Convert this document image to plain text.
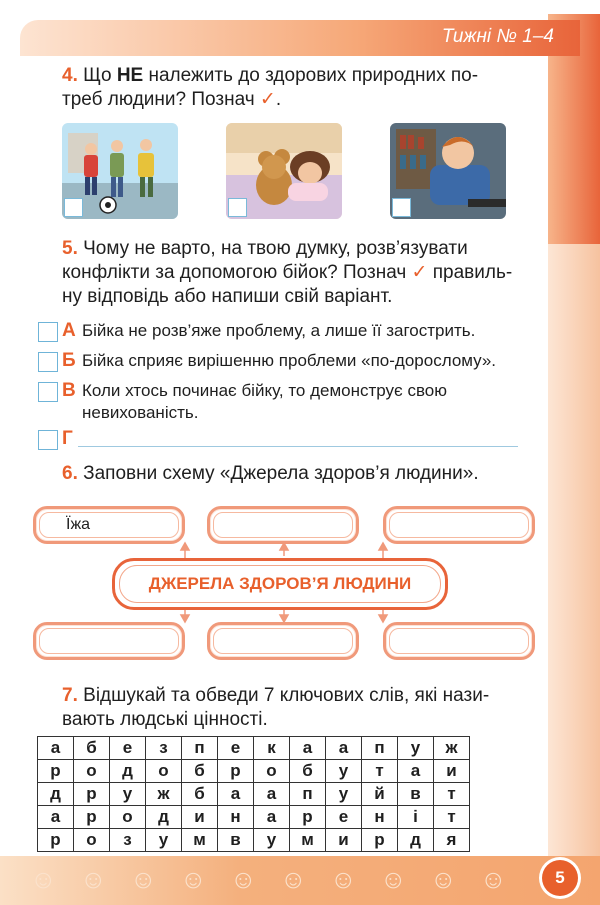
Тижні № 1–4
4. Що НЕ належить до здорових природних по-
треб людини? Познач ✓.
5. Чому не варто, на твою думку, розв’язувати
конфлікти за допомогою бійок? Познач ✓ правиль-
ну відповідь або напиши свій варіант.
А Бійка не розв’яже проблему, а лише її загострить.
Б Бійка сприяє вирішенню проблеми «по-дорослому».
В Коли хтось починає бійку, то демонструє свою
невихованість.
Г
6. Заповни схему «Джерела здоров’я людини».
Їжа
ДЖЕРЕЛА ЗДОРОВ’Я ЛЮДИНИ
7. Відшукай та обведи 7 ключових слів, які нази-
вають людські цінності.
а	б	е	з	п	е	к	а	а	п	у	ж
р	о	д	о	б	р	о	б	у	т	а	и
д	р	у	ж	б	а	а	п	у	й	в	т
а	р	о	д	и	н	а	р	е	н	і	т
р	о	з	у	м	в	у	м	и	р	д	я
☺ ☺ ☺ ☺ ☺ ☺ ☺ ☺ ☺ ☺	5
